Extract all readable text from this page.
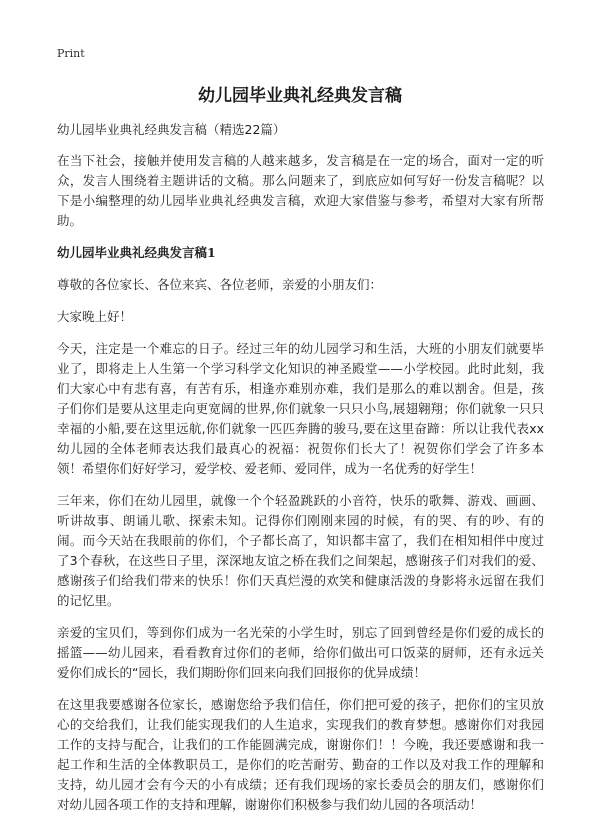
Print
幼儿园毕业典礼经典发言稿
幼儿园毕业典礼经典发言稿（精选22篇）

在当下社会，接触并使用发言稿的人越来越多，发言稿是在一定的场合，面对一定的听众，发言人围绕着主题讲话的文稿。那么问题来了，到底应如何写好一份发言稿呢？以下是小编整理的幼儿园毕业典礼经典发言稿，欢迎大家借鉴与参考，希望对大家有所帮助。

幼儿园毕业典礼经典发言稿1

尊敬的各位家长、各位来宾、各位老师，亲爱的小朋友们：

大家晚上好！

今天，注定是一个难忘的日子。经过三年的幼儿园学习和生活，大班的小朋友们就要毕业了，即将走上人生第一个学习科学文化知识的神圣殿堂——小学校园。此时此刻，我们大家心中有悲有喜，有苦有乐，相逢亦难别亦难，我们是那么的难以割舍。但是，孩子们你们是要从这里走向更宽阔的世界,你们就象一只只小鸟,展翅翱翔；你们就象一只只幸福的小船,要在这里远航,你们就象一匹匹奔腾的骏马,要在这里奋蹄：所以让我代表xx幼儿园的全体老师表达我们最真心的祝福：祝贺你们长大了！祝贺你们学会了许多本领！希望你们好好学习，爱学校、爱老师、爱同伴，成为一名优秀的好学生！

三年来，你们在幼儿园里，就像一个个轻盈跳跃的小音符，快乐的歌舞、游戏、画画、听讲故事、朗诵儿歌、探索未知。记得你们刚刚来园的时候，有的哭、有的吵、有的闹。而今天站在我眼前的你们，个子都长高了，知识都丰富了，我们在相知相伴中度过了3个春秋，在这些日子里，深深地友谊之桥在我们之间架起，感谢孩子们对我们的爱、感谢孩子们给我们带来的快乐！你们天真烂漫的欢笑和健康活泼的身影将永远留在我们的记忆里。

亲爱的宝贝们，等到你们成为一名光荣的小学生时，别忘了回到曾经是你们爱的成长的摇篮——幼儿园来，看看教育过你们的老师，给你们做出可口饭菜的厨师，还有永远关爱你们成长的“园长，我们期盼你们回来向我们回报你的优异成绩！

在这里我要感谢各位家长，感谢您给予我们信任，你们把可爱的孩子，把你们的宝贝放心的交给我们，让我们能实现我们的人生追求，实现我们的教育梦想。感谢你们对我园工作的支持与配合，让我们的工作能圆满完成，谢谢你们！！今晚，我还要感谢和我一起工作和生活的全体教职员工，是你们的吃苦耐劳、勤奋的工作以及对我工作的理解和支持，幼儿园才会有今天的小有成绩；还有我们现场的家长委员会的朋友们，感谢你们对幼儿园各项工作的支持和理解，谢谢你们积极参与我们幼儿园的各项活动！
